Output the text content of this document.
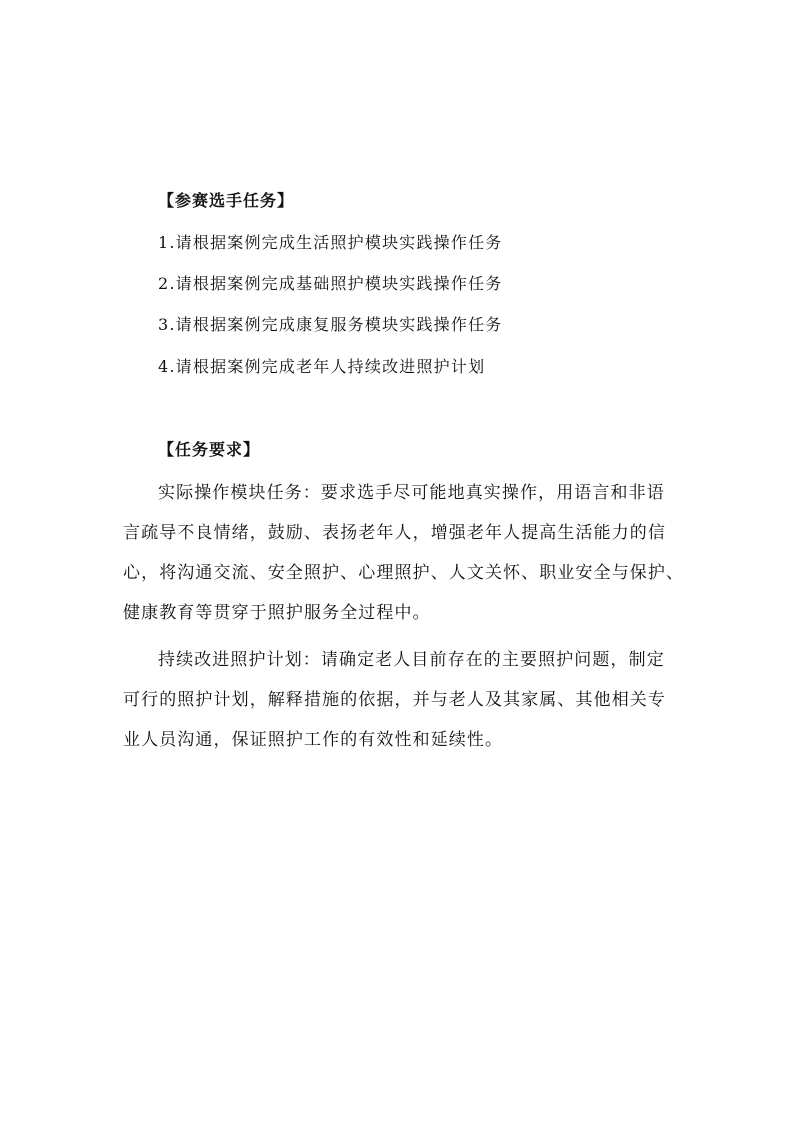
【参赛选手任务】
1.请根据案例完成生活照护模块实践操作任务
2.请根据案例完成基础照护模块实践操作任务
3.请根据案例完成康复服务模块实践操作任务
4.请根据案例完成老年人持续改进照护计划
【任务要求】
实际操作模块任务：要求选手尽可能地真实操作，用语言和非语
言疏导不良情绪，鼓励、表扬老年人，增强老年人提高生活能力的信
心，将沟通交流、安全照护、心理照护、人文关怀、职业安全与保护、
健康教育等贯穿于照护服务全过程中。
持续改进照护计划：请确定老人目前存在的主要照护问题，制定
可行的照护计划，解释措施的依据，并与老人及其家属、其他相关专
业人员沟通，保证照护工作的有效性和延续性。
